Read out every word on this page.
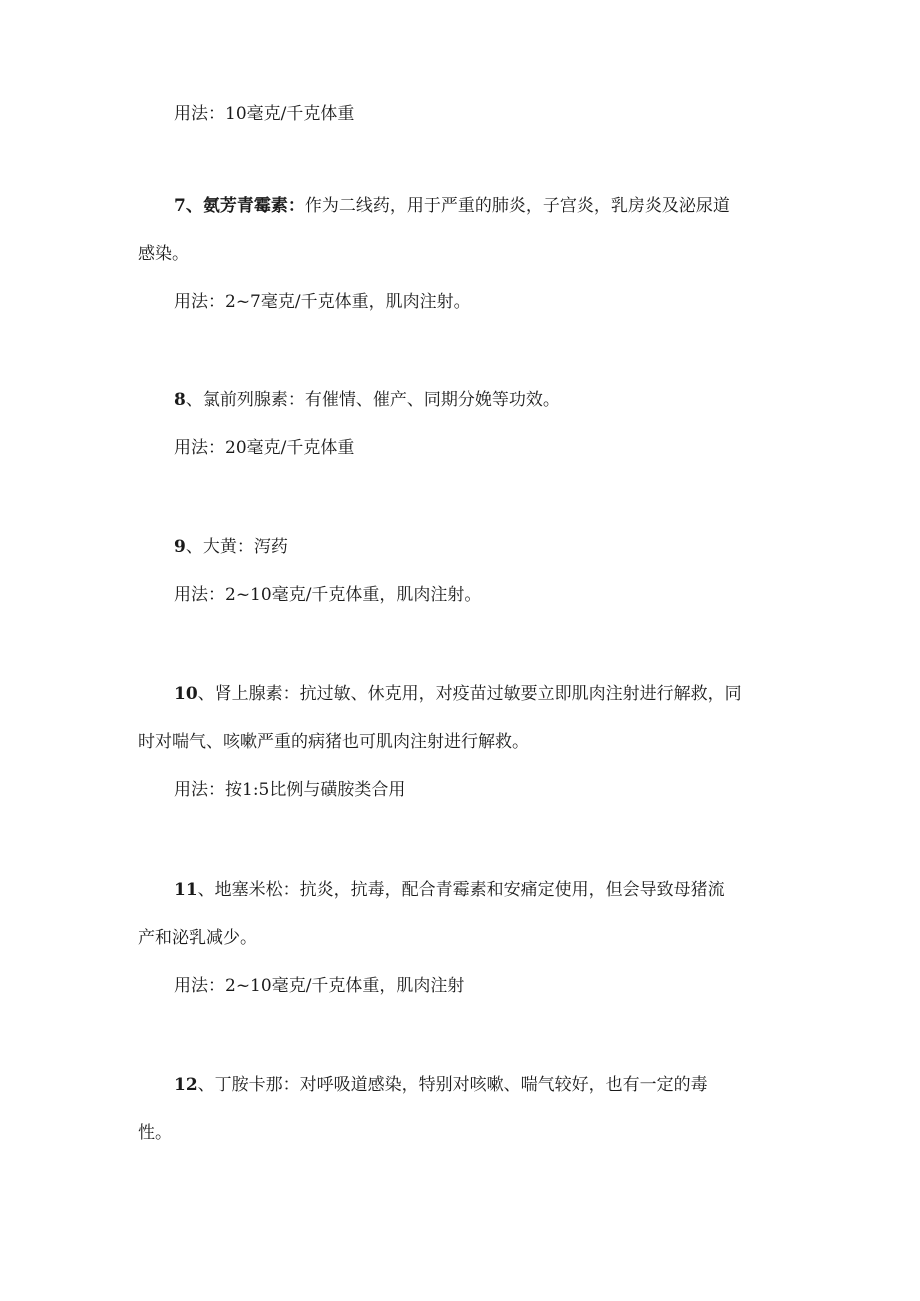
用法：10毫克/千克体重
7、氨芳青霉素：作为二线药，用于严重的肺炎，子宫炎，乳房炎及泌尿道
感染。
用法：2~7毫克/千克体重，肌肉注射。
8、氯前列腺素：有催情、催产、同期分娩等功效。
用法：20毫克/千克体重
9、大黄：泻药
用法：2~10毫克/千克体重，肌肉注射。
10、肾上腺素：抗过敏、休克用，对疫苗过敏要立即肌肉注射进行解救，同
时对喘气、咳嗽严重的病猪也可肌肉注射进行解救。
用法：按1:5比例与磺胺类合用
11、地塞米松：抗炎，抗毒，配合青霉素和安痛定使用，但会导致母猪流
产和泌乳减少。
用法：2~10毫克/千克体重，肌肉注射
12、丁胺卡那：对呼吸道感染，特别对咳嗽、喘气较好，也有一定的毒
性。
